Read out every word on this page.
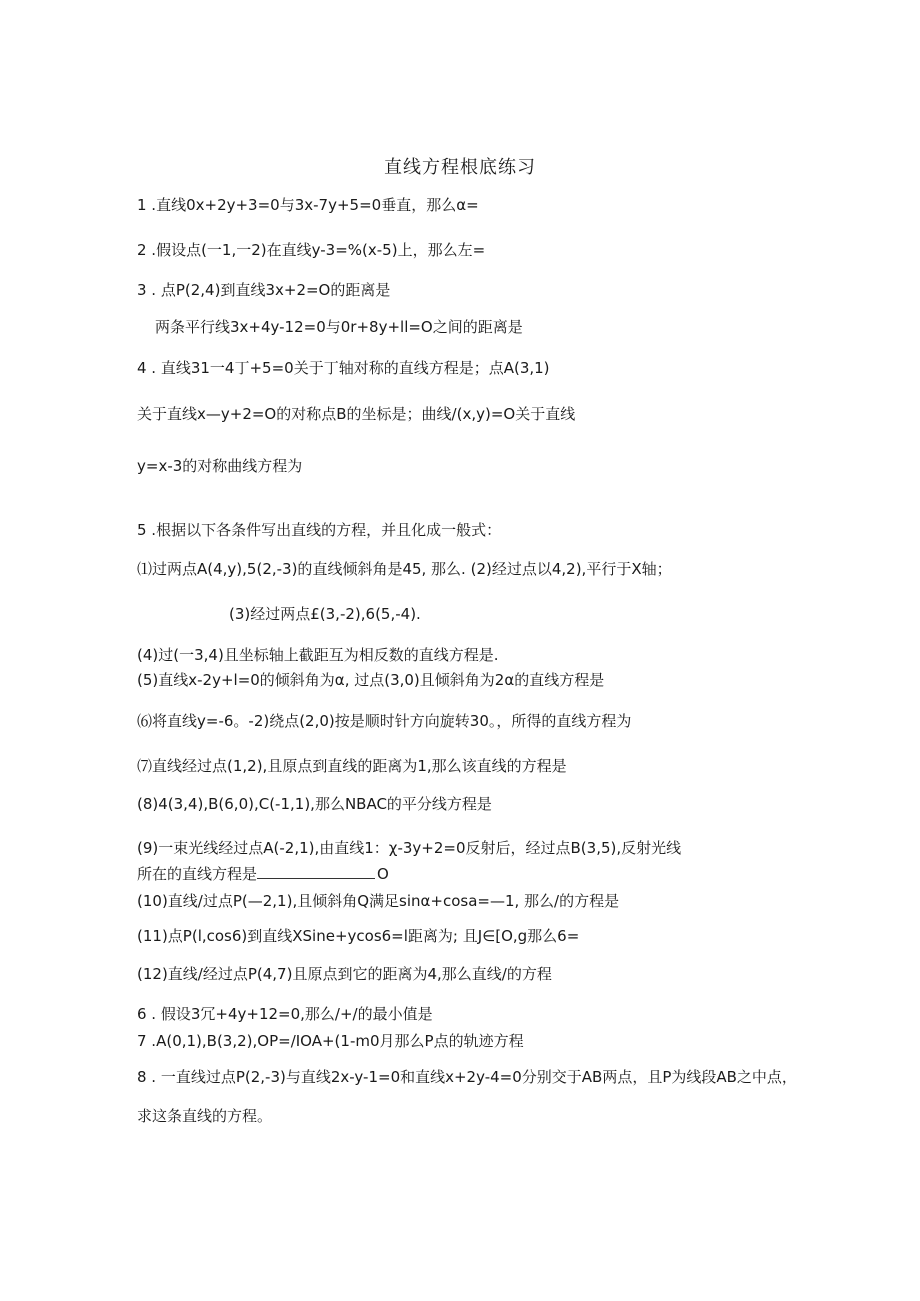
直线方程根底练习
1 .直线0x+2y+3=0与3x-7y+5=0垂直，那么α=
2 .假设点(一1,一2)在直线y-3=%(x-5)上，那么左=
3 . 点P(2,4)到直线3x+2=O的距离是
两条平行线3x+4y-12=0与0r+8y+ll=O之间的距离是
4 . 直线31一4丁+5=0关于丁轴对称的直线方程是；点A(3,1)
关于直线x—y+2=O的对称点B的坐标是；曲线/(x,y)=O关于直线
y=x-3的对称曲线方程为
5 .根据以下各条件写出直线的方程，并且化成一般式：
⑴过两点A(4,y),5(2,-3)的直线倾斜角是45, 那么. (2)经过点以4,2),平行于X轴；
(3)经过两点£(3,-2),6(5,-4).
(4)过(一3,4)且坐标轴上截距互为相反数的直线方程是.
(5)直线x-2y+l=0的倾斜角为α, 过点(3,0)且倾斜角为2α的直线方程是
⑹将直线y=-6。-2)绕点(2,0)按是顺时针方向旋转30。，所得的直线方程为
⑺直线经过点(1,2),且原点到直线的距离为1,那么该直线的方程是
(8)4(3,4),B(6,0),C(-1,1),那么NBAC的平分线方程是
(9)一束光线经过点A(-2,1),由直线1：χ-3y+2=0反射后，经过点B(3,5),反射光线
所在的直线方程是	O
(10)直线/过点P(—2,1),且倾斜角Q满足sinα+cosa=—1, 那么/的方程是
(11)点P(l,cos6)到直线XSine+ycos6=l距离为; 且J∈[O,g那么6=
(12)直线/经过点P(4,7)且原点到它的距离为4,那么直线/的方程
6 . 假设3冗+4y+12=0,那么/+/的最小值是
7 .A(0,1),B(3,2),OP=/IOA+(1-m0月那么P点的轨迹方程
8 . 一直线过点P(2,-3)与直线2x-y-1=0和直线x+2y-4=0分别交于AB两点，且P为线段AB之中点，
求这条直线的方程。
